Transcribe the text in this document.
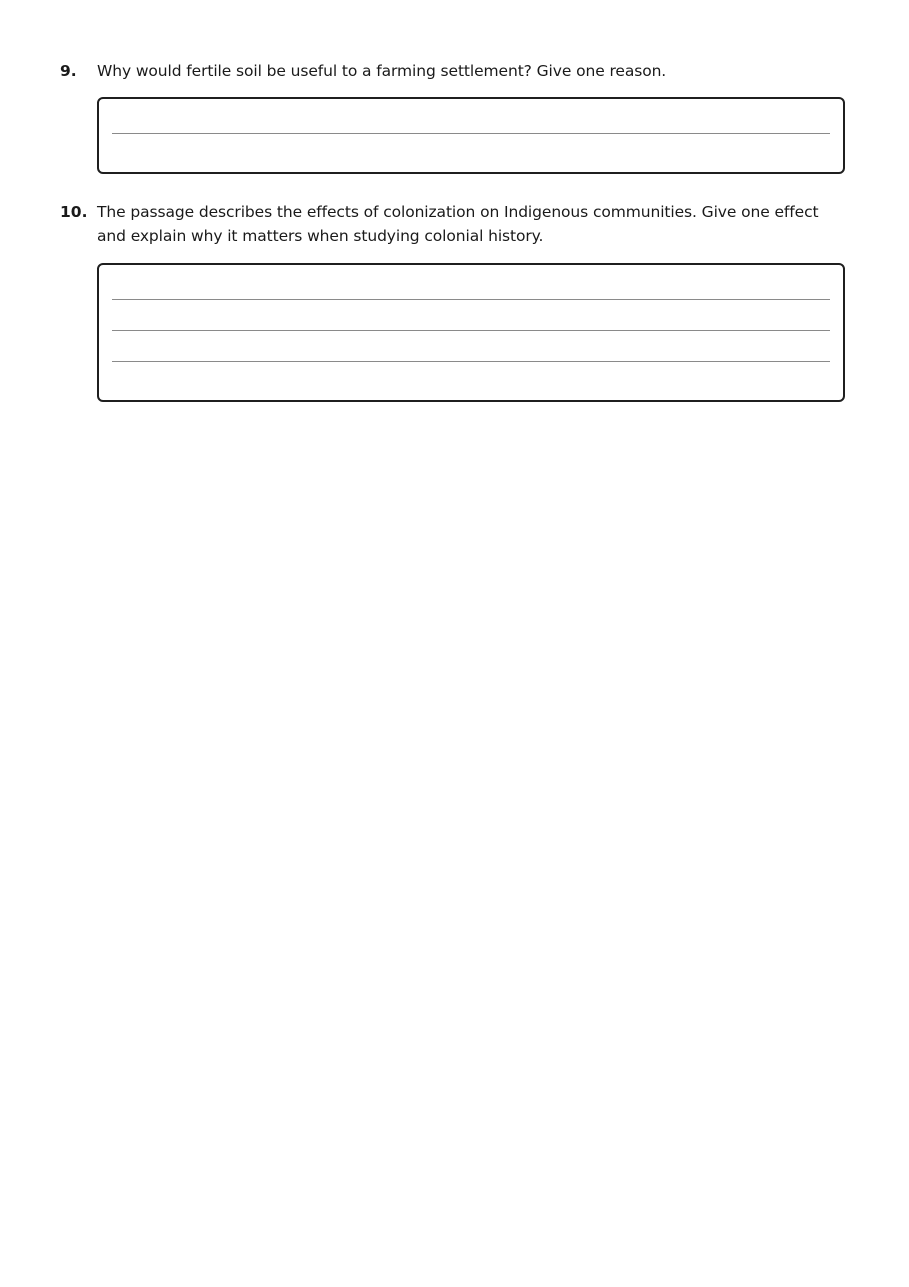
9.	Why would fertile soil be useful to a farming settlement? Give one reason.
10. The passage describes the effects of colonization on Indigenous communities. Give one effect and explain why it matters when studying colonial history.
